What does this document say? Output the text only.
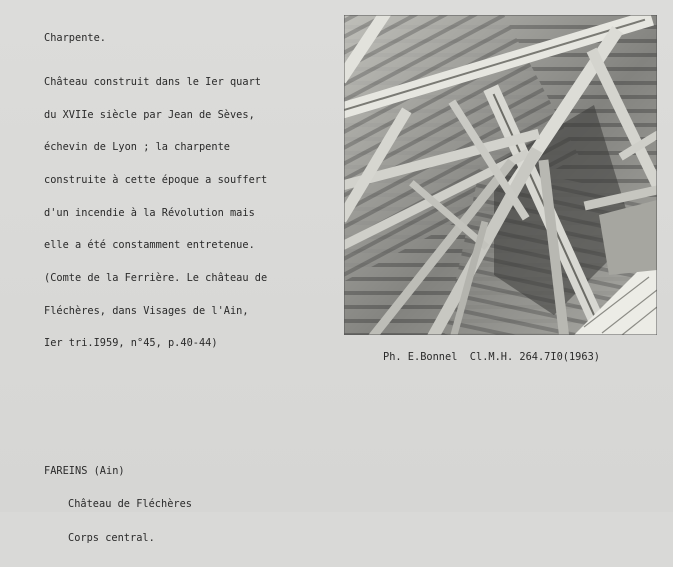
Charpente.

Château construit dans le Ier quart

du XVIIe siècle par Jean de Sèves,

échevin de Lyon ; la charpente

construite à cette époque a souffert

d'un incendie à la Révolution mais

elle a été constamment entretenue.

(Comte de la Ferrière. Le château de

Fléchères, dans Visages de l'Ain,

Ier tri.I959, n°45, p.40-44)

Ph. E.Bonnel  Cl.M.H. 264.7I0(1963)

FAREINS (Ain)

Château de Fléchères

Corps central.
